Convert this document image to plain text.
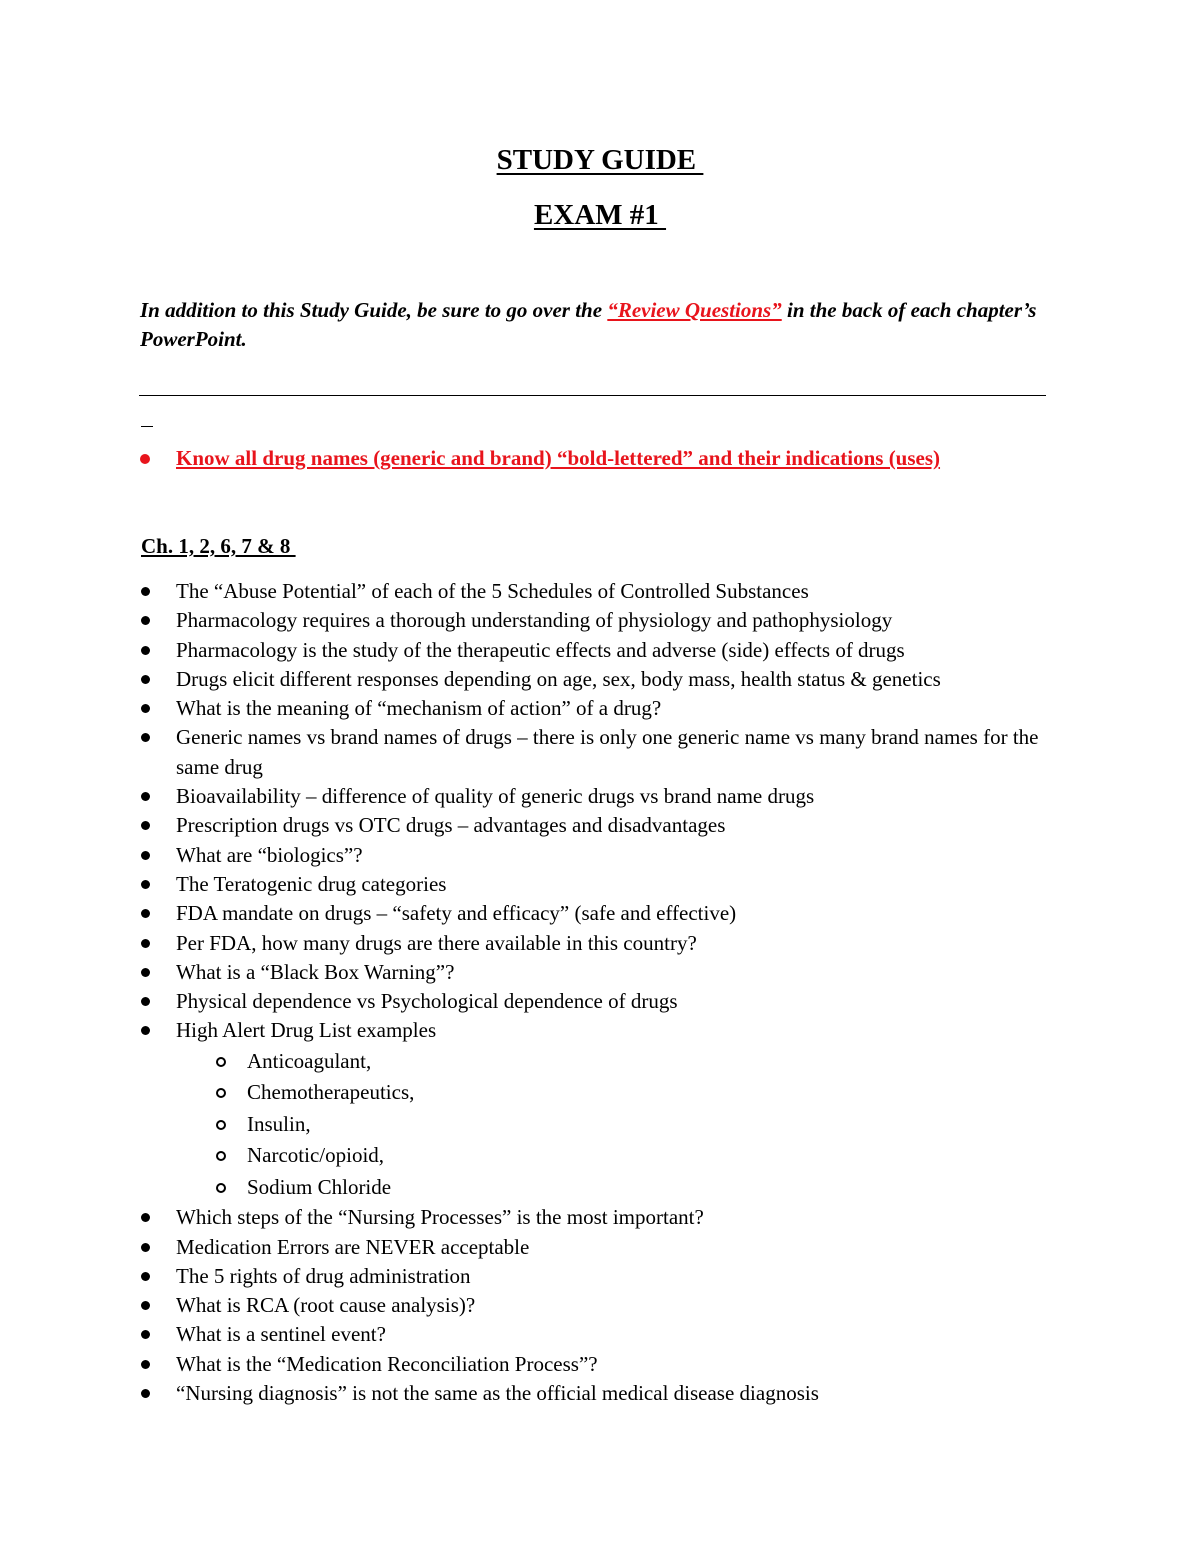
STUDY GUIDE
EXAM #1
In addition to this Study Guide, be sure to go over the “Review Questions” in the back of each chapter’s PowerPoint.
Know all drug names (generic and brand) “bold-lettered” and their indications (uses)
Ch. 1, 2, 6, 7 & 8
The “Abuse Potential” of each of the 5 Schedules of Controlled Substances
Pharmacology requires a thorough understanding of physiology and pathophysiology
Pharmacology is the study of the therapeutic effects and adverse (side) effects of drugs
Drugs elicit different responses depending on age, sex, body mass, health status & genetics
What is the meaning of “mechanism of action” of a drug?
Generic names vs brand names of drugs – there is only one generic name vs many brand names for the same drug
Bioavailability – difference of quality of generic drugs vs brand name drugs
Prescription drugs vs OTC drugs – advantages and disadvantages
What are “biologics”?
The Teratogenic drug categories
FDA mandate on drugs – “safety and efficacy” (safe and effective)
Per FDA, how many drugs are there available in this country?
What is a “Black Box Warning”?
Physical dependence vs Psychological dependence of drugs
High Alert Drug List examples
Anticoagulant,
Chemotherapeutics,
Insulin,
Narcotic/opioid,
Sodium Chloride
Which steps of the “Nursing Processes” is the most important?
Medication Errors are NEVER acceptable
The 5 rights of drug administration
What is RCA (root cause analysis)?
What is a sentinel event?
What is the “Medication Reconciliation Process”?
“Nursing diagnosis” is not the same as the official medical disease diagnosis
